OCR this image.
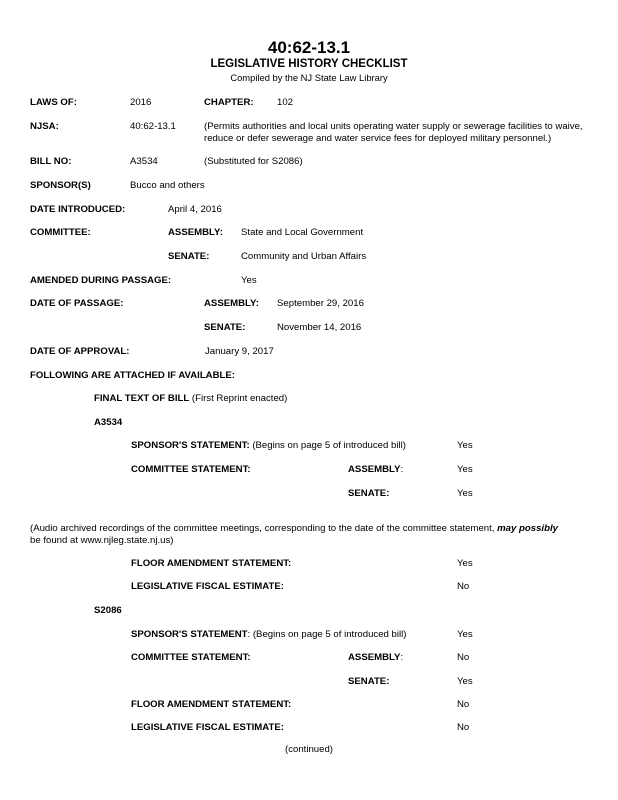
40:62-13.1
LEGISLATIVE HISTORY CHECKLIST
Compiled by the NJ State Law Library
LAWS OF:	2016	CHAPTER: 102
NJSA:	40:62-13.1	(Permits authorities and local units operating water supply or sewerage facilities to waive,
reduce or defer sewerage and water service fees for deployed military personnel.)
BILL NO:	A3534	(Substituted for S2086)
SPONSOR(S)	Bucco and others
DATE INTRODUCED:	April 4, 2016
COMMITTEE:	ASSEMBLY: State and Local Government
SENATE:	Community and Urban Affairs
AMENDED DURING PASSAGE:	Yes
DATE OF PASSAGE:	ASSEMBLY: September 29, 2016
SENATE:	November 14, 2016
DATE OF APPROVAL:	January 9, 2017
FOLLOWING ARE ATTACHED IF AVAILABLE:
FINAL TEXT OF BILL (First Reprint enacted)
A3534
SPONSOR'S STATEMENT: (Begins on page 5 of introduced bill)	Yes
COMMITTEE STATEMENT:	ASSEMBLY:	Yes
SENATE:	Yes
(Audio archived recordings of the committee meetings, corresponding to the date of the committee statement, may possibly
be found at www.njleg.state.nj.us)
FLOOR AMENDMENT STATEMENT:	Yes
LEGISLATIVE FISCAL ESTIMATE:	No
S2086
SPONSOR'S STATEMENT: (Begins on page 5 of introduced bill)	Yes
COMMITTEE STATEMENT:	ASSEMBLY:	No
SENATE:	Yes
FLOOR AMENDMENT STATEMENT:	No
LEGISLATIVE FISCAL ESTIMATE:	No
(continued)
